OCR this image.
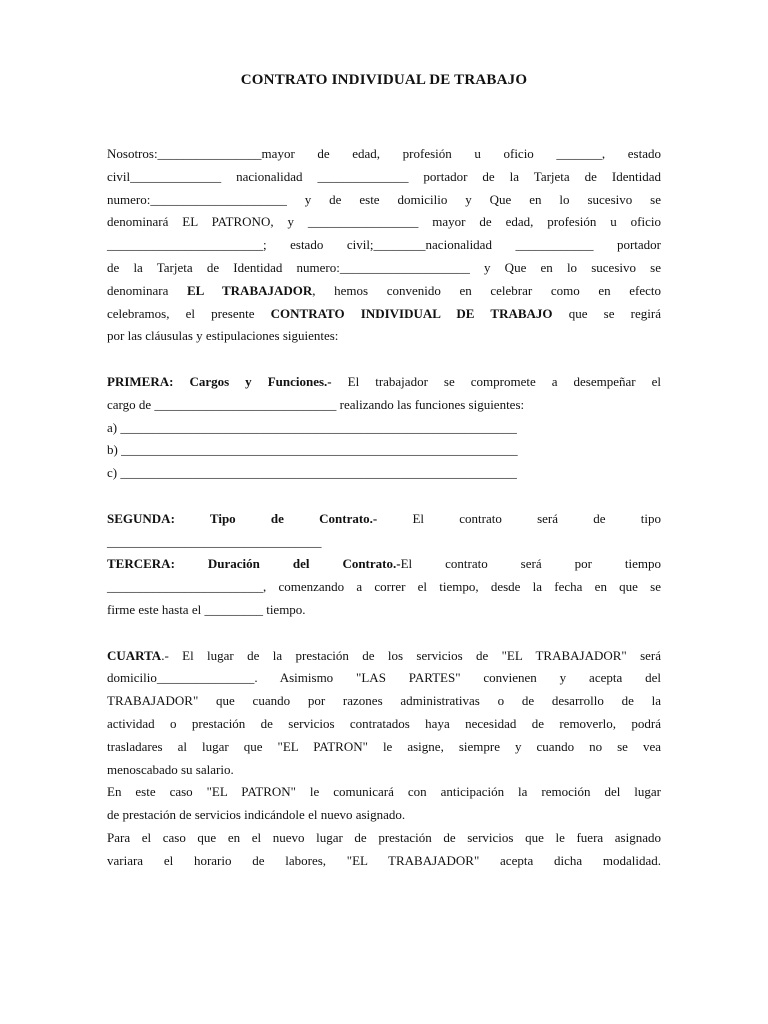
CONTRATO INDIVIDUAL DE TRABAJO
Nosotros:________________mayor de edad, profesión u oficio _______, estado
civil______________ nacionalidad ______________ portador de la Tarjeta de Identidad
numero:_____________________ y de este domicilio y Que en lo sucesivo se
denominará EL PATRONO, y _________________ mayor de edad, profesión u oficio
________________________; estado civil;________nacionalidad ____________ portador
de la Tarjeta de Identidad numero:____________________ y Que en lo sucesivo se
denominara EL TRABAJADOR, hemos convenido en celebrar como en efecto
celebramos, el presente CONTRATO INDIVIDUAL DE TRABAJO que se regirá
por las cláusulas y estipulaciones siguientes:
PRIMERA: Cargos y Funciones.- El trabajador se compromete a desempeñar el
cargo de ____________________________ realizando las funciones siguientes:
a) _____________________________________________________________
b) _____________________________________________________________
c) _____________________________________________________________
SEGUNDA: Tipo de Contrato.- El contrato será de tipo
_________________________________
TERCERA: Duración del Contrato.-El contrato será por tiempo
________________________, comenzando a correr el tiempo, desde la fecha en que se
firme este hasta el _________ tiempo.
CUARTA.- El lugar de la prestación de los servicios de "EL TRABAJADOR" será
domicilio_______________. Asimismo "LAS PARTES" convienen y acepta del
TRABAJADOR" que cuando por razones administrativas o de desarrollo de la
actividad o prestación de servicios contratados haya necesidad de removerlo, podrá
trasladares al lugar que "EL PATRON" le asigne, siempre y cuando no se vea
menoscabado su salario.
En este caso "EL PATRON" le comunicará con anticipación la remoción del lugar
de prestación de servicios indicándole el nuevo asignado.
Para el caso que en el nuevo lugar de prestación de servicios que le fuera asignado
variara el horario de labores, "EL TRABAJADOR" acepta dicha modalidad.
